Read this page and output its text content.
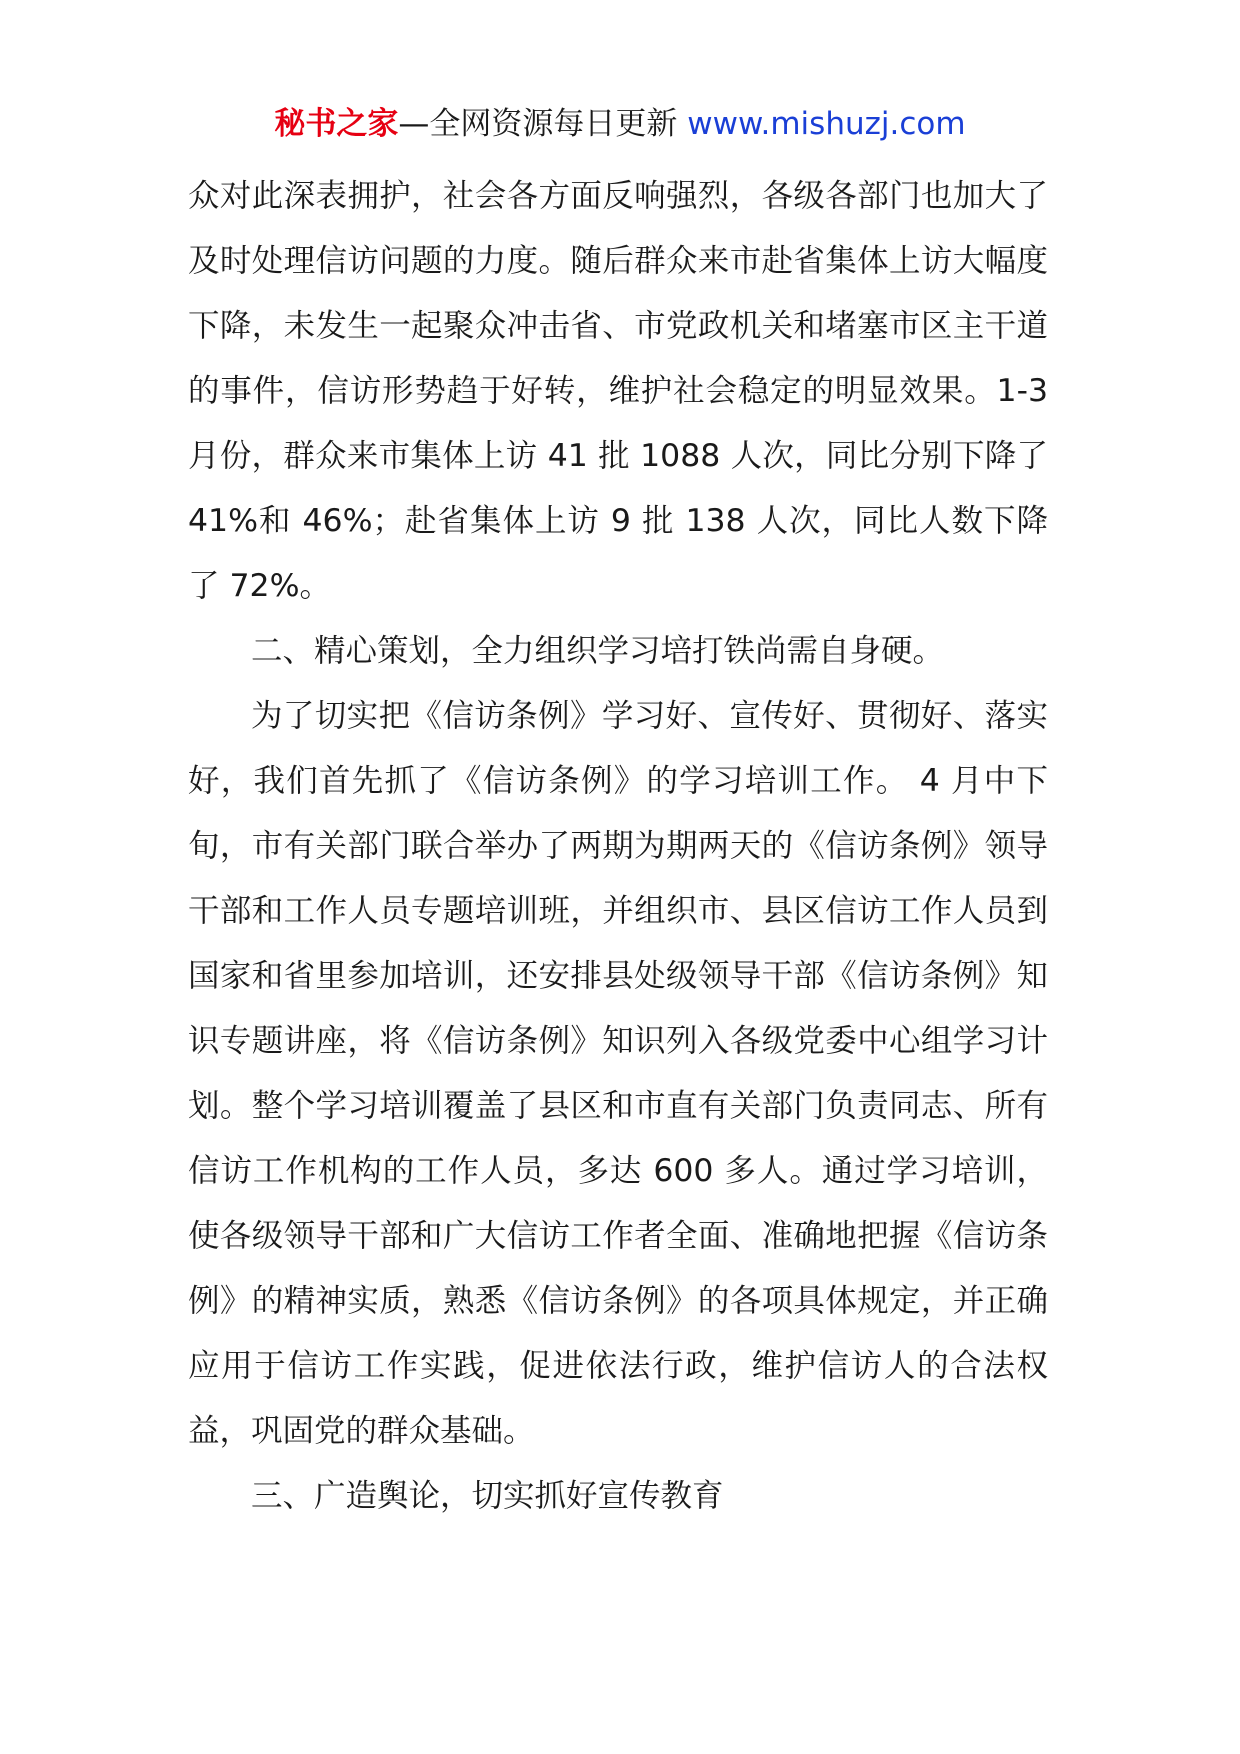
秘书之家—全网资源每日更新 www.mishuzj.com

众对此深表拥护，社会各方面反响强烈，各级各部门也加大了及时处理信访问题的力度。随后群众来市赴省集体上访大幅度下降，未发生一起聚众冲击省、市党政机关和堵塞市区主干道的事件，信访形势趋于好转，维护社会稳定的明显效果。1-3 月份，群众来市集体上访 41 批 1088 人次，同比分别下降了 41%和 46%；赴省集体上访 9 批 138 人次，同比人数下降了 72%。

二、精心策划，全力组织学习培打铁尚需自身硬。

为了切实把《信访条例》学习好、宣传好、贯彻好、落实好，我们首先抓了《信访条例》的学习培训工作。 4 月中下旬，市有关部门联合举办了两期为期两天的《信访条例》领导干部和工作人员专题培训班，并组织市、县区信访工作人员到国家和省里参加培训，还安排县处级领导干部《信访条例》知识专题讲座，将《信访条例》知识列入各级党委中心组学习计划。整个学习培训覆盖了县区和市直有关部门负责同志、所有信访工作机构的工作人员，多达 600 多人。通过学习培训，使各级领导干部和广大信访工作者全面、准确地把握《信访条例》的精神实质，熟悉《信访条例》的各项具体规定，并正确应用于信访工作实践，促进依法行政，维护信访人的合法权益，巩固党的群众基础。

三、广造舆论，切实抓好宣传教育
